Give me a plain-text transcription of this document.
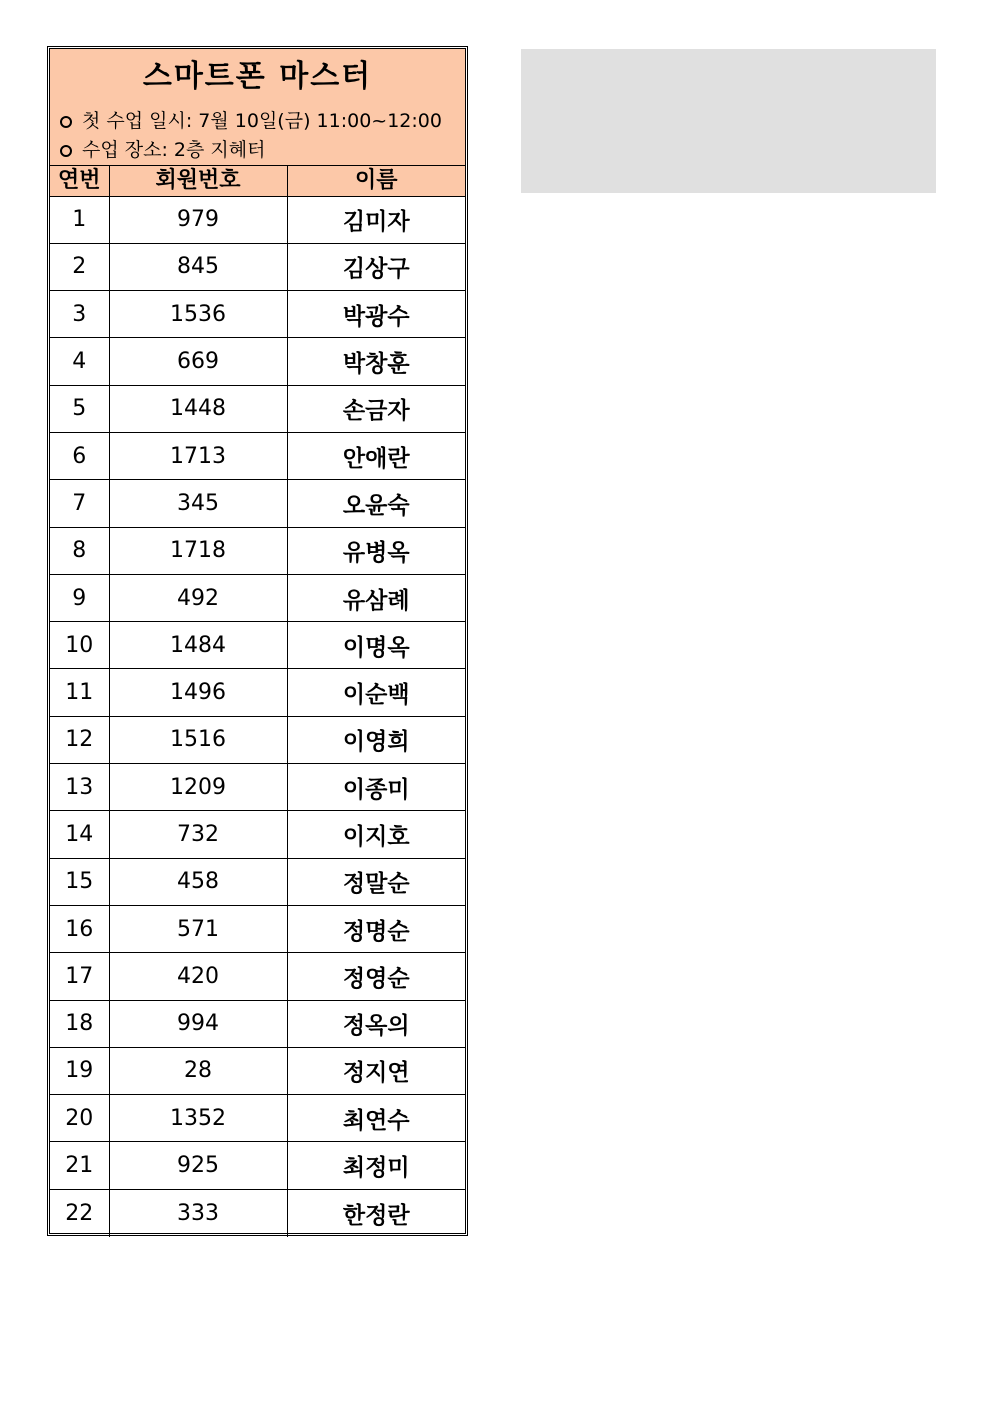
스마트폰 마스터
첫 수업 일시: 7월 10일(금) 11:00~12:00
수업 장소: 2층 지혜터
연번	회원번호	이름
1	979	김미자
2	845	김상구
3	1536	박광수
4	669	박창훈
5	1448	손금자
6	1713	안애란
7	345	오윤숙
8	1718	유병옥
9	492	유삼례
10	1484	이명옥
11	1496	이순백
12	1516	이영희
13	1209	이종미
14	732	이지호
15	458	정말순
16	571	정명순
17	420	정영순
18	994	정옥의
19	28	정지연
20	1352	최연수
21	925	최정미
22	333	한정란
